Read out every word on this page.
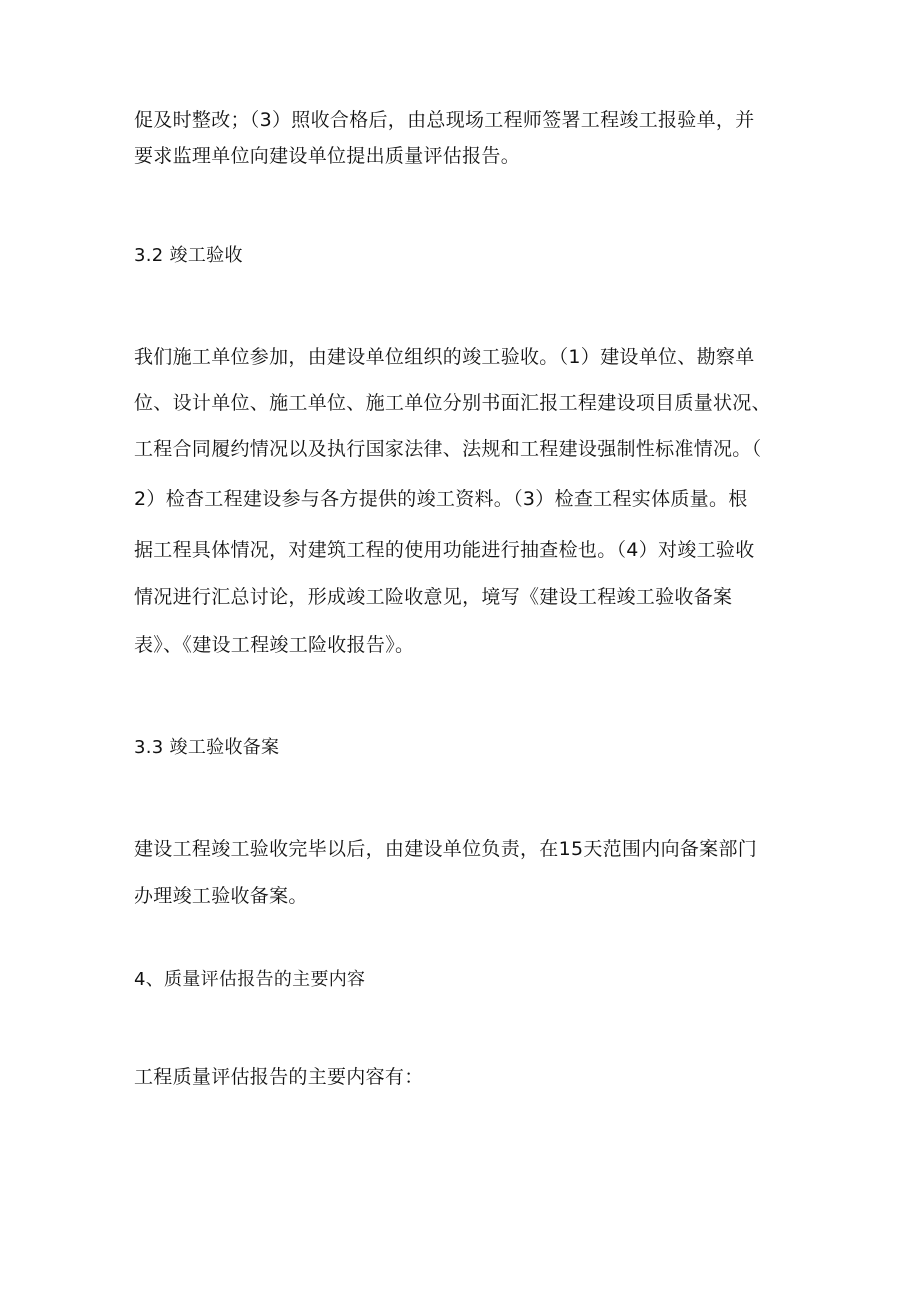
促及时整改；（3）照收合格后，由总现场工程师签署工程竣工报验单，并
要求监理单位向建设单位提出质量评估报告。
3.2 竣工验收
我们施工单位参加，由建设单位组织的竣工验收。（1）建设单位、勘察单
位、设计单位、施工单位、施工单位分别书面汇报工程建设项目质量状况、
工程合同履约情况以及执行国家法律、法规和工程建设强制性标准情况。（
2）检杳工程建设参与各方提供的竣工资料。（3）检查工程实体质量。根
据工程具体情况，对建筑工程的使用功能进行抽查检也。（4）对竣工验收
情况进行汇总讨论，形成竣工险收意见，境写《建设工程竣工验收备案
表》、《建设工程竣工险收报告》。
3.3 竣工验收备案
建设工程竣工验收完毕以后，由建设单位负责，在15天范围内向备案部门
办理竣工验收备案。
4、质量评估报告的主要内容
工程质量评估报告的主要内容有：
